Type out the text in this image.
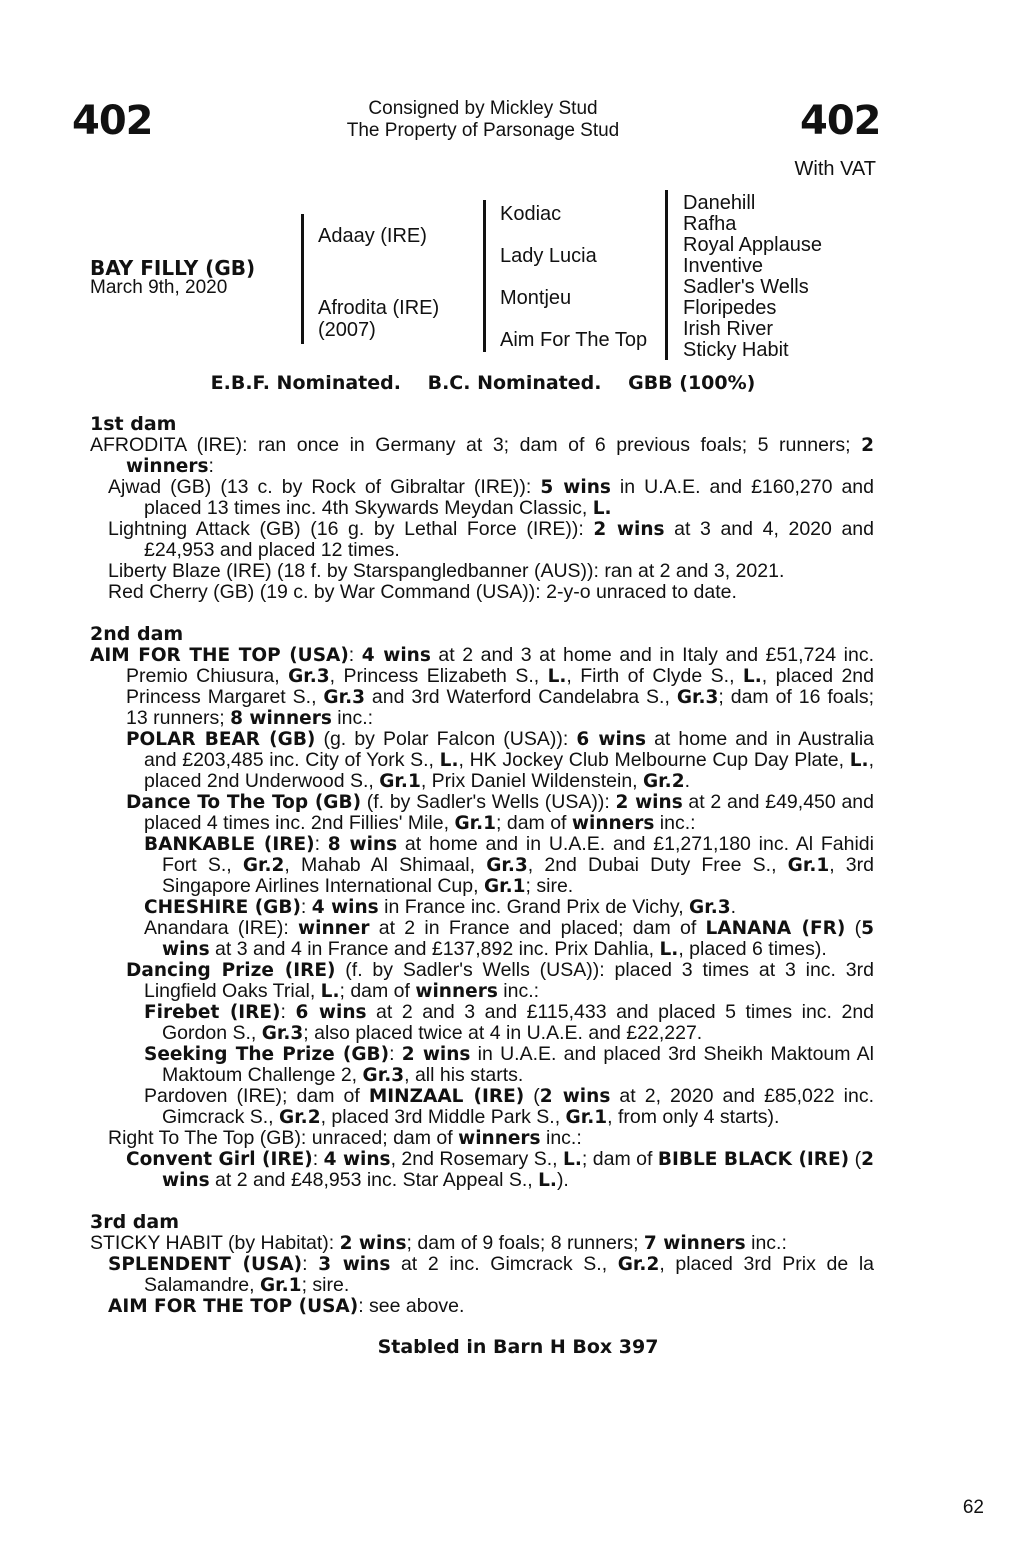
402	402
Consigned by Mickley Stud
The Property of Parsonage Stud
With VAT
BAY FILLY (GB)
March 9th, 2020
Adaay (IRE)
Afrodita (IRE)
(2007)
Kodiac
Lady Lucia
Montjeu
Aim For The Top
Danehill
Rafha
Royal Applause
Inventive
Sadler's Wells
Floripedes
Irish River
Sticky Habit
E.B.F. Nominated. B.C. Nominated. GBB (100%)
1st dam

AFRODITA (IRE): ran once in Germany at 3; dam of 6 previous foals; 5 runners; 2 winners:

Ajwad (GB) (13 c. by Rock of Gibraltar (IRE)): 5 wins in U.A.E. and £160,270 and placed 13 times inc. 4th Skywards Meydan Classic, L.

Lightning Attack (GB) (16 g. by Lethal Force (IRE)): 2 wins at 3 and 4, 2020 and £24,953 and placed 12 times.

Liberty Blaze (IRE) (18 f. by Starspangledbanner (AUS)): ran at 2 and 3, 2021.

Red Cherry (GB) (19 c. by War Command (USA)): 2-y-o unraced to date.

2nd dam

AIM FOR THE TOP (USA): 4 wins at 2 and 3 at home and in Italy and £51,724 inc. Premio Chiusura, Gr.3, Princess Elizabeth S., L., Firth of Clyde S., L., placed 2nd Princess Margaret S., Gr.3 and 3rd Waterford Candelabra S., Gr.3; dam of 16 foals; 13 runners; 8 winners inc.:

POLAR BEAR (GB) (g. by Polar Falcon (USA)): 6 wins at home and in Australia and £203,485 inc. City of York S., L., HK Jockey Club Melbourne Cup Day Plate, L., placed 2nd Underwood S., Gr.1, Prix Daniel Wildenstein, Gr.2.

Dance To The Top (GB) (f. by Sadler's Wells (USA)): 2 wins at 2 and £49,450 and placed 4 times inc. 2nd Fillies' Mile, Gr.1; dam of winners inc.:

BANKABLE (IRE): 8 wins at home and in U.A.E. and £1,271,180 inc. Al Fahidi Fort S., Gr.2, Mahab Al Shimaal, Gr.3, 2nd Dubai Duty Free S., Gr.1, 3rd Singapore Airlines International Cup, Gr.1; sire.

CHESHIRE (GB): 4 wins in France inc. Grand Prix de Vichy, Gr.3.

Anandara (IRE): winner at 2 in France and placed; dam of LANANA (FR) (5 wins at 3 and 4 in France and £137,892 inc. Prix Dahlia, L., placed 6 times).

Dancing Prize (IRE) (f. by Sadler's Wells (USA)): placed 3 times at 3 inc. 3rd Lingfield Oaks Trial, L.; dam of winners inc.:

Firebet (IRE): 6 wins at 2 and 3 and £115,433 and placed 5 times inc. 2nd Gordon S., Gr.3; also placed twice at 4 in U.A.E. and £22,227.

Seeking The Prize (GB): 2 wins in U.A.E. and placed 3rd Sheikh Maktoum Al Maktoum Challenge 2, Gr.3, all his starts.

Pardoven (IRE); dam of MINZAAL (IRE) (2 wins at 2, 2020 and £85,022 inc. Gimcrack S., Gr.2, placed 3rd Middle Park S., Gr.1, from only 4 starts).

Right To The Top (GB): unraced; dam of winners inc.:

Convent Girl (IRE): 4 wins, 2nd Rosemary S., L.; dam of BIBLE BLACK (IRE) (2 wins at 2 and £48,953 inc. Star Appeal S., L.).

3rd dam

STICKY HABIT (by Habitat): 2 wins; dam of 9 foals; 8 runners; 7 winners inc.:

SPLENDENT (USA): 3 wins at 2 inc. Gimcrack S., Gr.2, placed 3rd Prix de la Salamandre, Gr.1; sire.

AIM FOR THE TOP (USA): see above.

Stabled in Barn H Box 397
62
